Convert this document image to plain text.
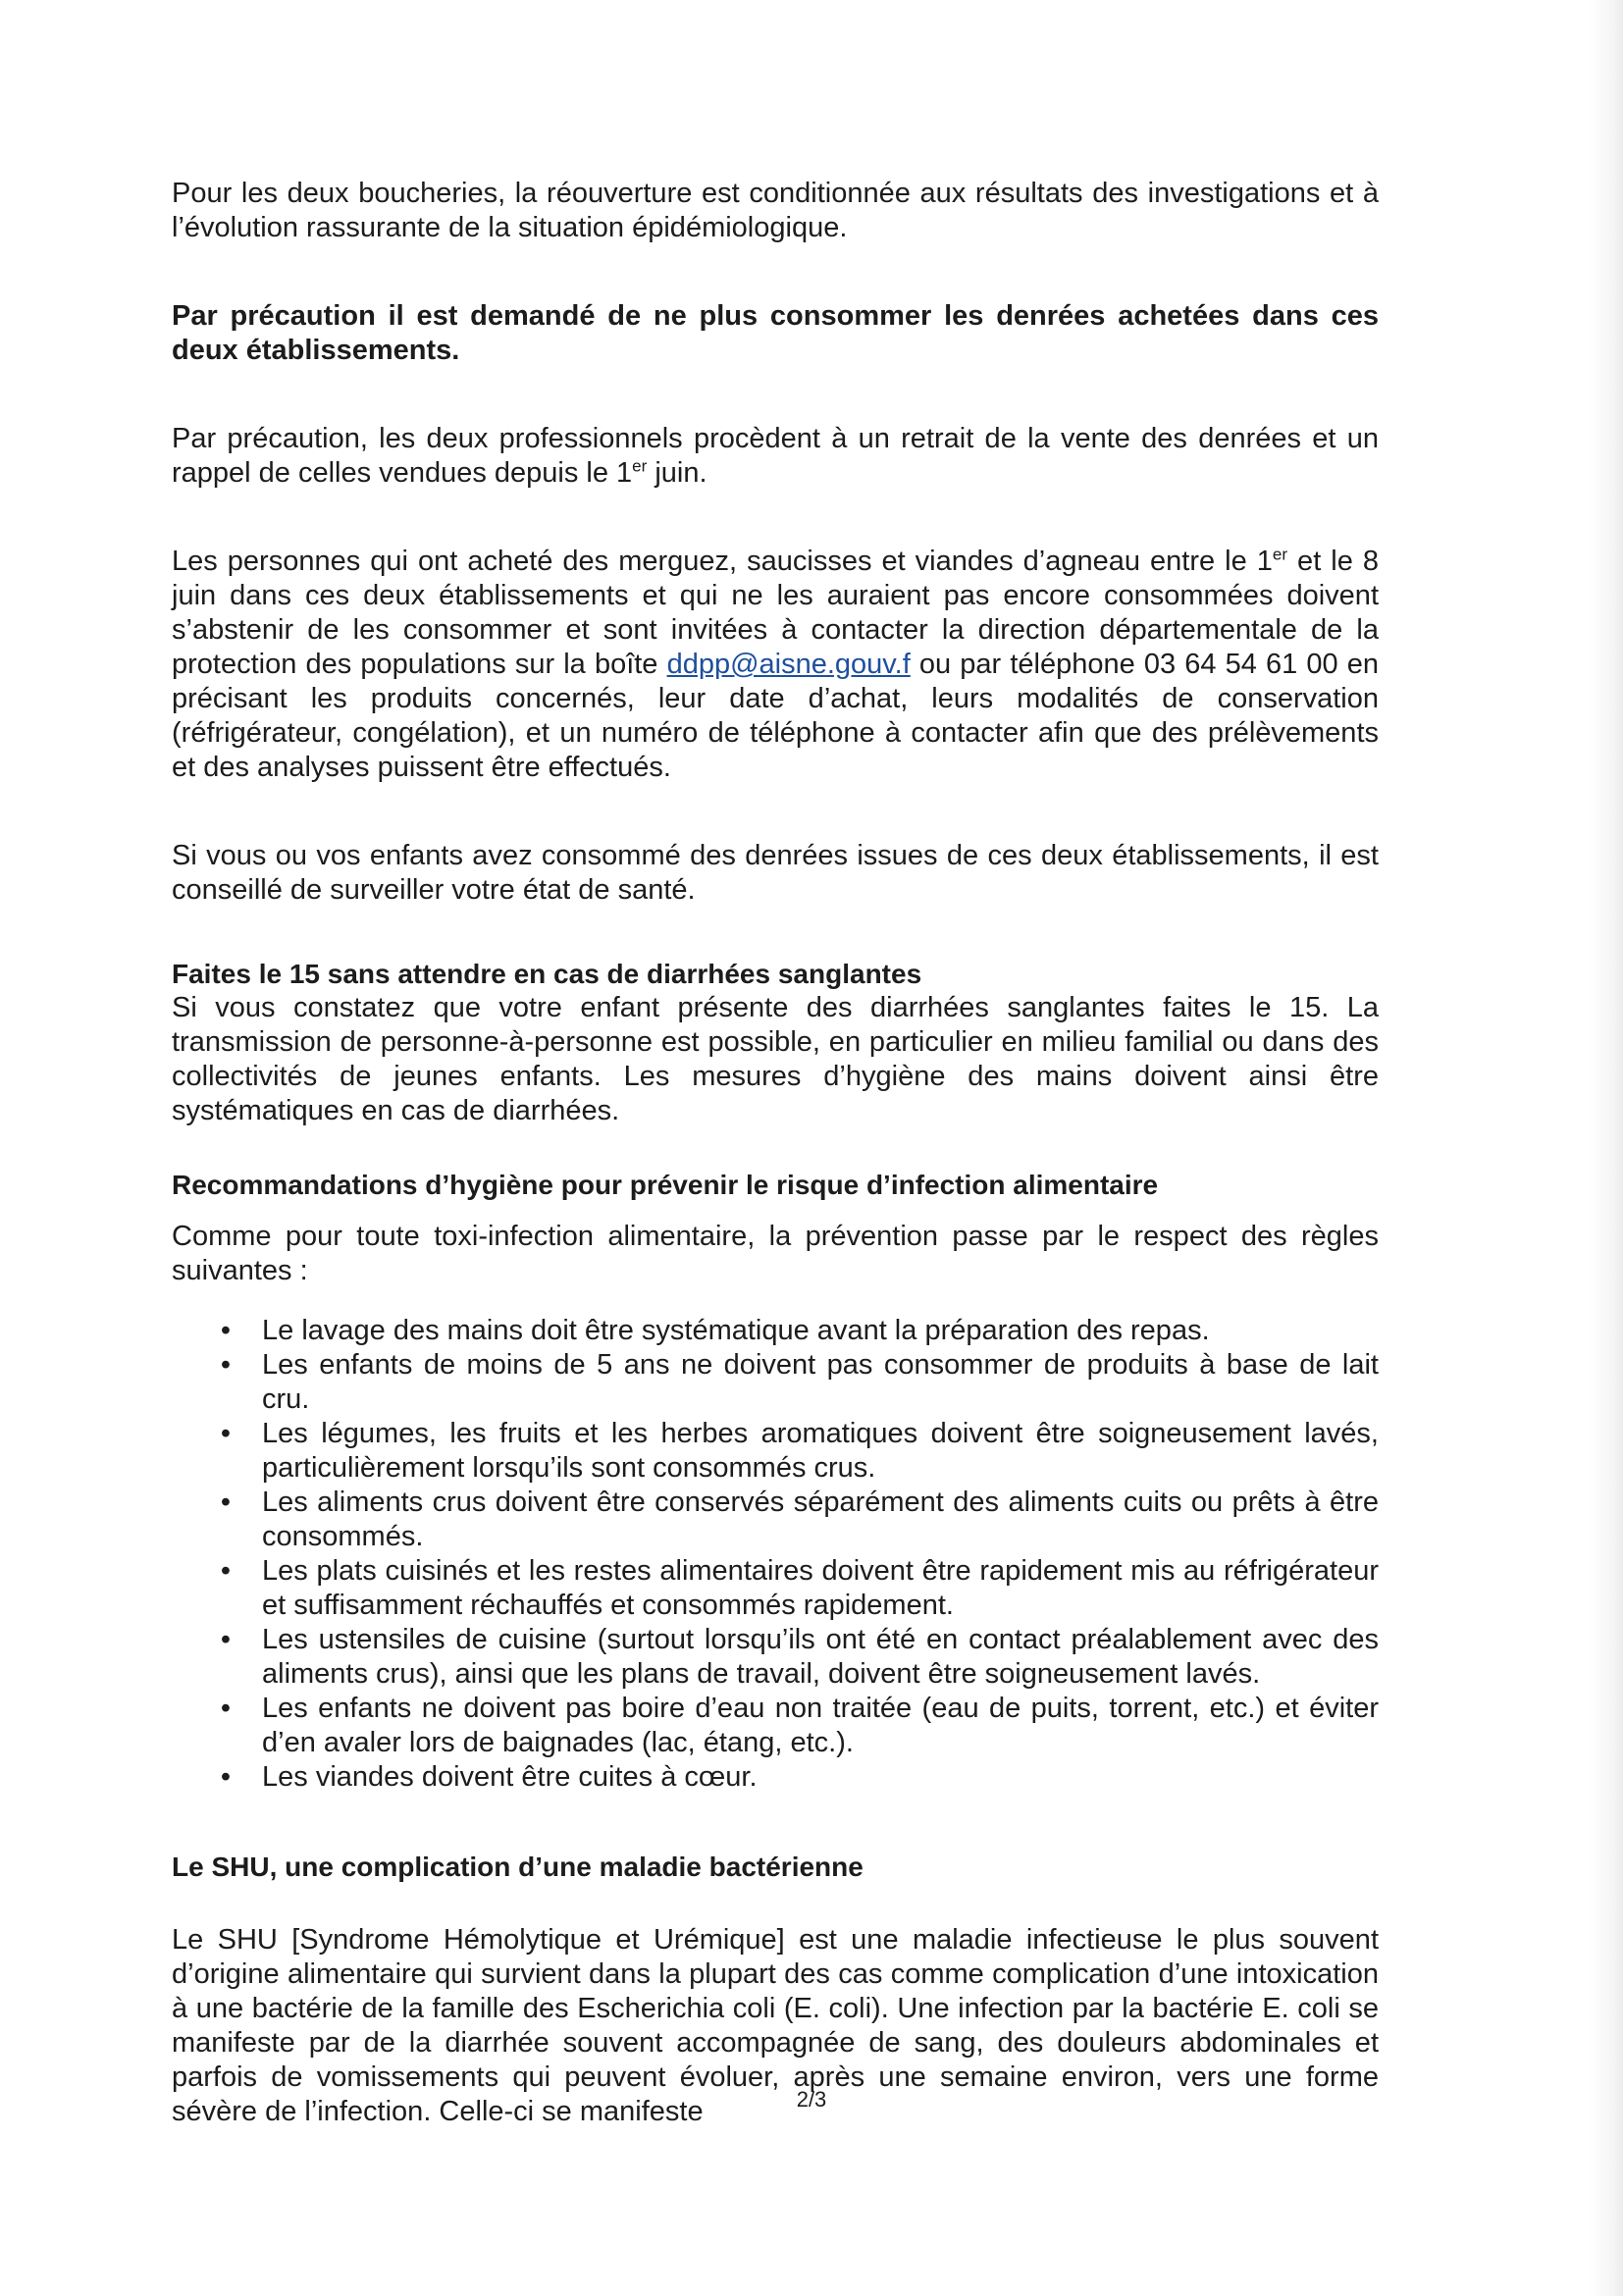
Pour les deux boucheries, la réouverture est conditionnée aux résultats des investigations et à l’évolution rassurante de la situation épidémiologique.

Par précaution il est demandé de ne plus consommer les denrées achetées dans ces deux établissements.

Par précaution, les deux professionnels procèdent à un retrait de la vente des denrées et un rappel de celles vendues depuis le 1er juin.

Les personnes qui ont acheté des merguez, saucisses et viandes d’agneau entre le 1er et le 8 juin dans ces deux établissements et qui ne les auraient pas encore consommées doivent s’abstenir de les consommer et sont invitées à contacter la direction départementale de la protection des populations sur la boîte ddpp@aisne.gouv.f ou par téléphone 03 64 54 61 00 en précisant les produits concernés, leur date d’achat, leurs modalités de conservation (réfrigérateur, congélation), et un numéro de téléphone à contacter afin que des prélèvements et des analyses puissent être effectués.

Si vous ou vos enfants avez consommé des denrées issues de ces deux établissements, il est conseillé de surveiller votre état de santé.

Faites le 15 sans attendre en cas de diarrhées sanglantes

Si vous constatez que votre enfant présente des diarrhées sanglantes faites le 15. La transmission de personne-à-personne est possible, en particulier en milieu familial ou dans des collectivités de jeunes enfants. Les mesures d’hygiène des mains doivent ainsi être systématiques en cas de diarrhées.

Recommandations d’hygiène pour prévenir le risque d’infection alimentaire

Comme pour toute toxi-infection alimentaire, la prévention passe par le respect des règles suivantes :

• Le lavage des mains doit être systématique avant la préparation des repas.
• Les enfants de moins de 5 ans ne doivent pas consommer de produits à base de lait cru.
• Les légumes, les fruits et les herbes aromatiques doivent être soigneusement lavés, particulièrement lorsqu’ils sont consommés crus.
• Les aliments crus doivent être conservés séparément des aliments cuits ou prêts à être consommés.
• Les plats cuisinés et les restes alimentaires doivent être rapidement mis au réfrigérateur et suffisamment réchauffés et consommés rapidement.
• Les ustensiles de cuisine (surtout lorsqu’ils ont été en contact préalablement avec des aliments crus), ainsi que les plans de travail, doivent être soigneusement lavés.
• Les enfants ne doivent pas boire d’eau non traitée (eau de puits, torrent, etc.) et éviter d’en avaler lors de baignades (lac, étang, etc.).
• Les viandes doivent être cuites à cœur.
Le SHU, une complication d’une maladie bactérienne

Le SHU [Syndrome Hémolytique et Urémique] est une maladie infectieuse le plus souvent d’origine alimentaire qui survient dans la plupart des cas comme complication d’une intoxication à une bactérie de la famille des Escherichia coli (E. coli). Une infection par la bactérie E. coli se manifeste par de la diarrhée souvent accompagnée de sang, des douleurs abdominales et parfois de vomissements qui peuvent évoluer, après une semaine environ, vers une forme sévère de l’infection. Celle-ci se manifeste	2/3
